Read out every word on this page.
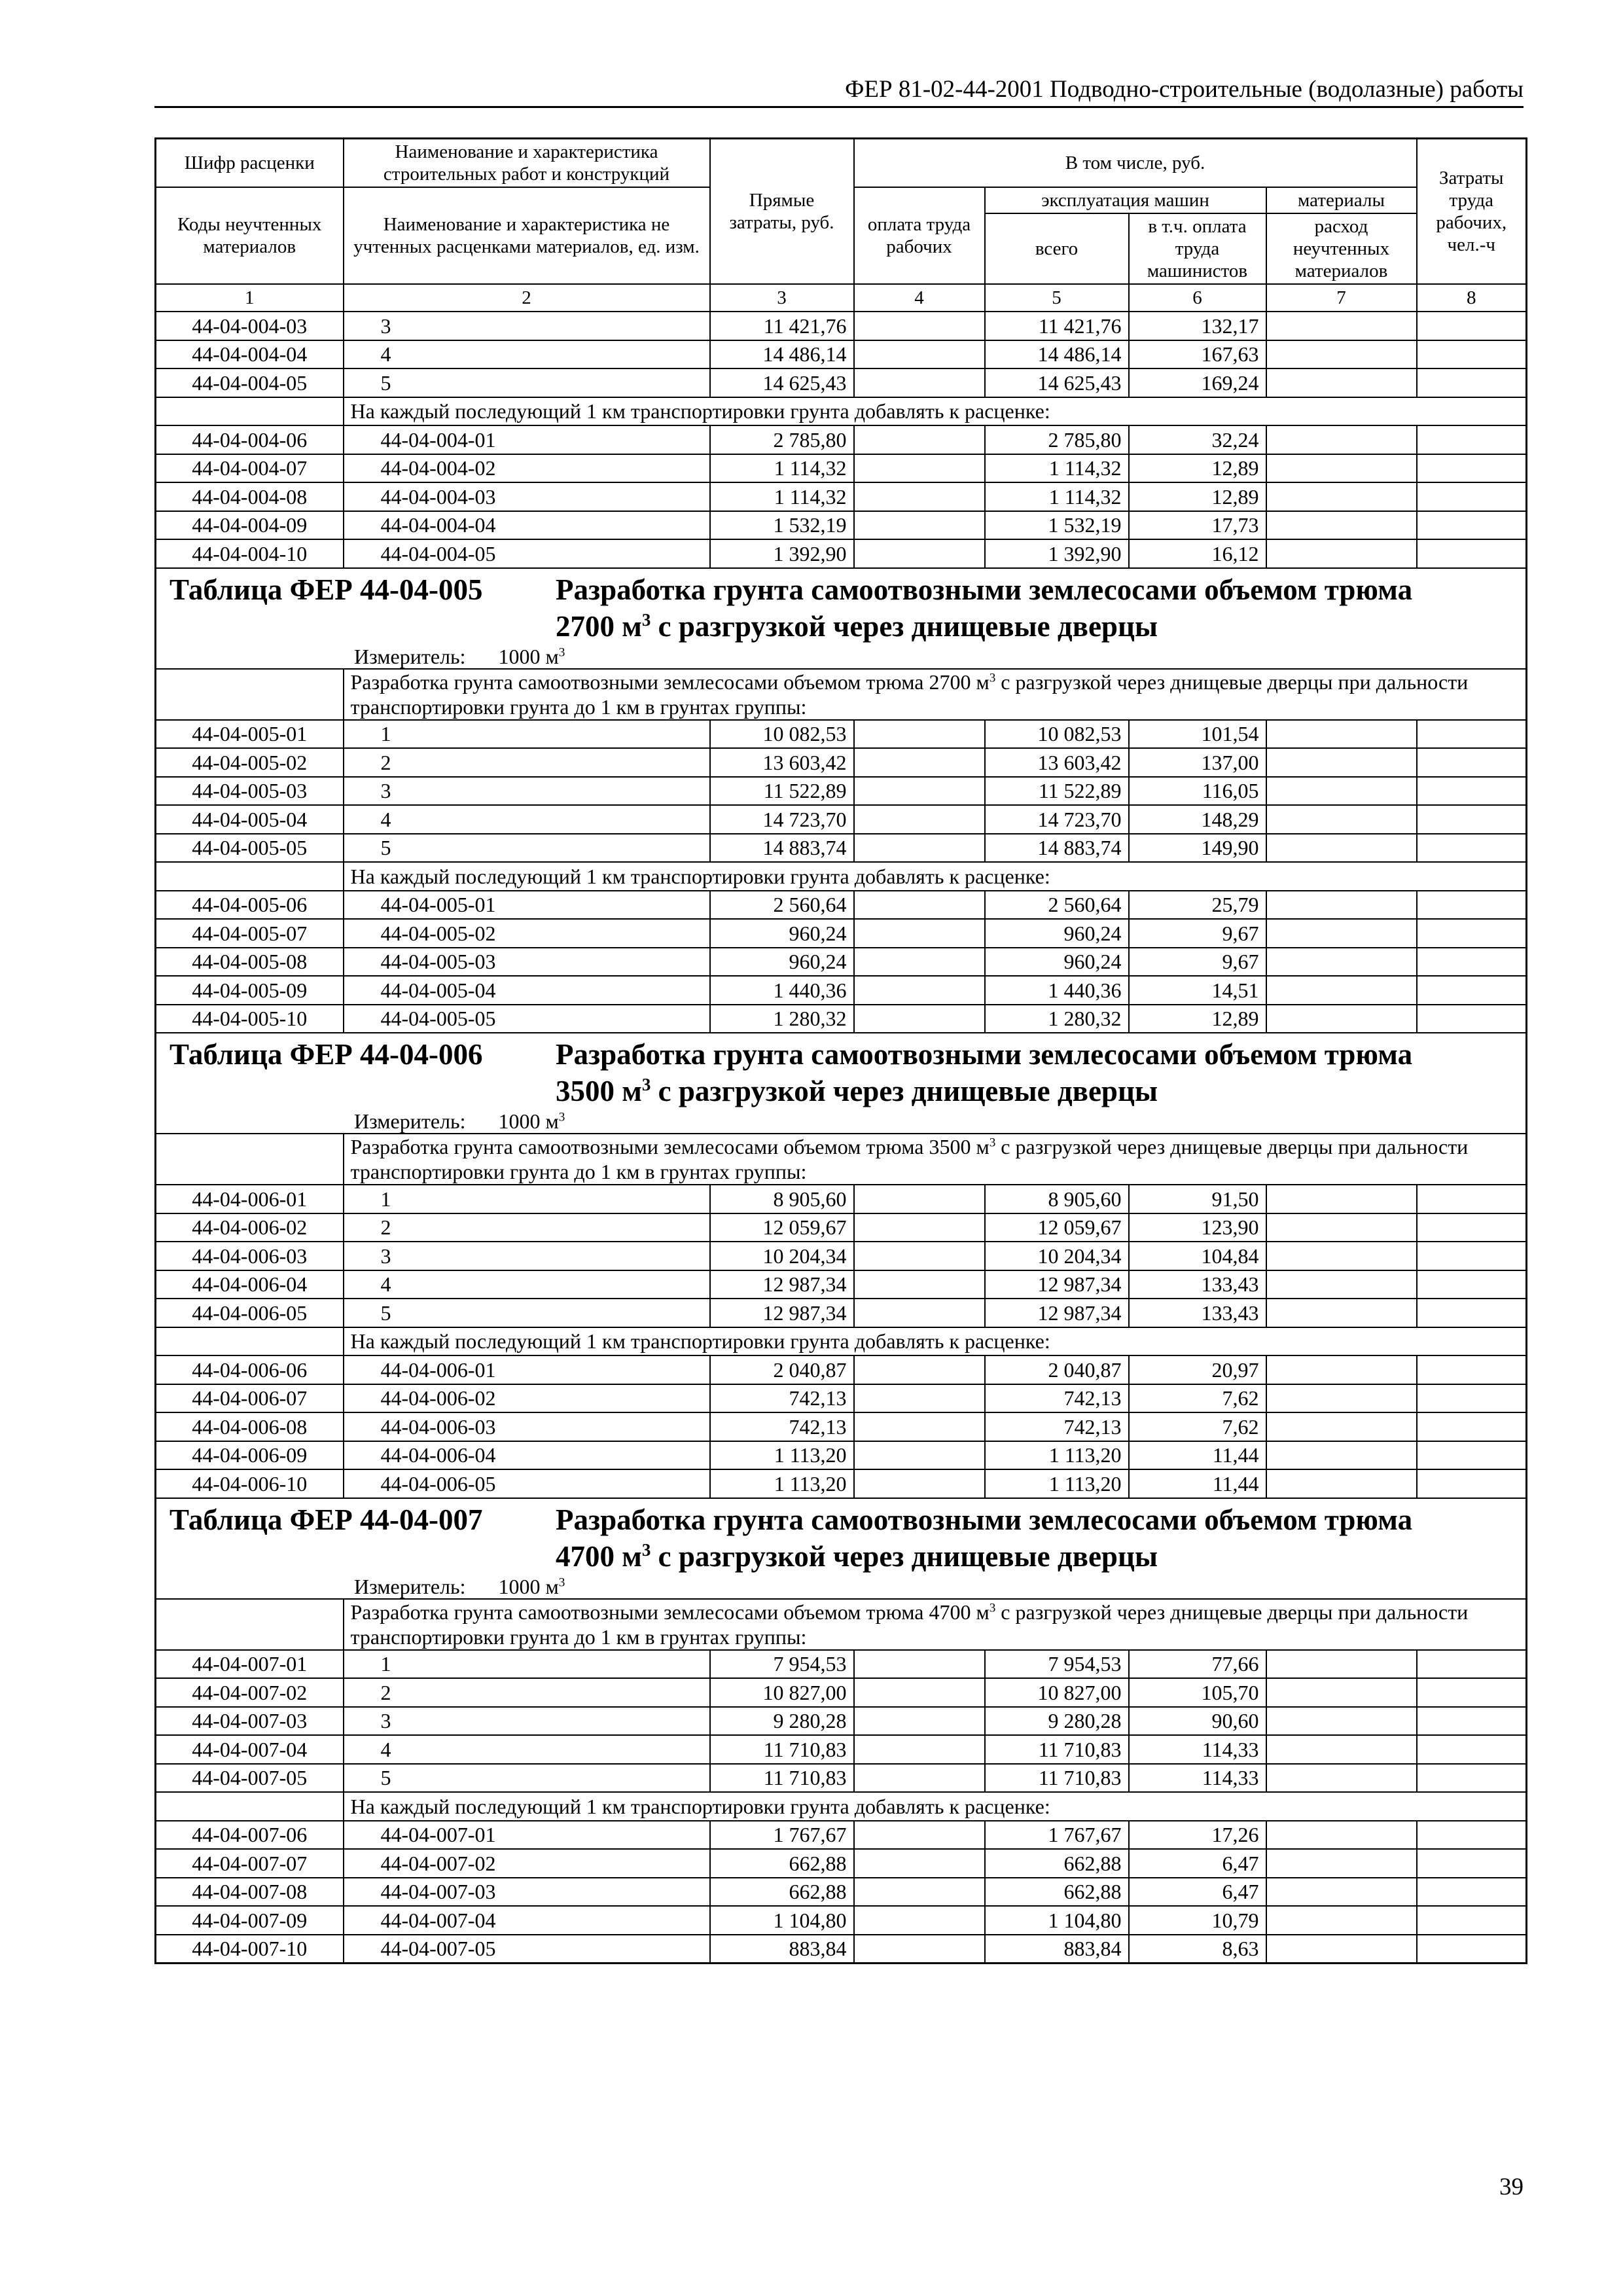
ФЕР 81-02-44-2001 Подводно-строительные (водолазные) работы
Шифр расценки	Наименование и характеристика строительных работ и конструкций	Прямые затраты, руб.	В том числе, руб.				Затраты труда рабочих, чел.-ч
Коды неучтенных материалов	Наименование и характеристика не учтенных расценками материалов, ед. изм.		оплата труда рабочих	эксплуатация машин		материалы	
				всего	в т.ч. оплата труда машинистов	расход неучтенных материалов	
1	2	3	4	5	6	7	8
44-04-004-03	3	11 421,76		11 421,76	132,17		
44-04-004-04	4	14 486,14		14 486,14	167,63		
44-04-004-05	5	14 625,43		14 625,43	169,24		
	На каждый последующий 1 км транспортировки грунта добавлять к расценке:						
44-04-004-06	44-04-004-01	2 785,80		2 785,80	32,24		
44-04-004-07	44-04-004-02	1 114,32		1 114,32	12,89		
44-04-004-08	44-04-004-03	1 114,32		1 114,32	12,89		
44-04-004-09	44-04-004-04	1 532,19		1 532,19	17,73		
44-04-004-10	44-04-004-05	1 392,90		1 392,90	16,12		

Таблица ФЕР 44-04-005 Разработка грунта самоотвозными землесосами объемом трюма
2700 $м^3$ с разгрузкой через днищевые дверцы
Измеритель: 1000 $м^3$

	Разработка грунта самоотвозными землесосами объемом трюма 2700 $м^3$ с разгрузкой через днищевые дверцы при дальности транспортировки грунта до 1 км в грунтах группы:						
44-04-005-01	1	10 082,53		10 082,53	101,54		
44-04-005-02	2	13 603,42		13 603,42	137,00		
44-04-005-03	3	11 522,89		11 522,89	116,05		
44-04-005-04	4	14 723,70		14 723,70	148,29		
44-04-005-05	5	14 883,74		14 883,74	149,90		
	На каждый последующий 1 км транспортировки грунта добавлять к расценке:						
44-04-005-06	44-04-005-01	2 560,64		2 560,64	25,79		
44-04-005-07	44-04-005-02	960,24		960,24	9,67		
44-04-005-08	44-04-005-03	960,24		960,24	9,67		
44-04-005-09	44-04-005-04	1 440,36		1 440,36	14,51		
44-04-005-10	44-04-005-05	1 280,32		1 280,32	12,89		

Таблица ФЕР 44-04-006 Разработка грунта самоотвозными землесосами объемом трюма
3500 $м^3$ с разгрузкой через днищевые дверцы
Измеритель: 1000 $м^3$

	Разработка грунта самоотвозными землесосами объемом трюма 3500 $м^3$ с разгрузкой через днищевые дверцы при дальности транспортировки грунта до 1 км в грунтах группы:						
44-04-006-01	1	8 905,60		8 905,60	91,50		
44-04-006-02	2	12 059,67		12 059,67	123,90		
44-04-006-03	3	10 204,34		10 204,34	104,84		
44-04-006-04	4	12 987,34		12 987,34	133,43		
44-04-006-05	5	12 987,34		12 987,34	133,43		
	На каждый последующий 1 км транспортировки грунта добавлять к расценке:						
44-04-006-06	44-04-006-01	2 040,87		2 040,87	20,97		
44-04-006-07	44-04-006-02	742,13		742,13	7,62		
44-04-006-08	44-04-006-03	742,13		742,13	7,62		
44-04-006-09	44-04-006-04	1 113,20		1 113,20	11,44		
44-04-006-10	44-04-006-05	1 113,20		1 113,20	11,44		

Таблица ФЕР 44-04-007 Разработка грунта самоотвозными землесосами объемом трюма
4700 $м^3$ с разгрузкой через днищевые дверцы
Измеритель: 1000 $м^3$

	Разработка грунта самоотвозными землесосами объемом трюма 4700 $м^3$ с разгрузкой через днищевые дверцы при дальности транспортировки грунта до 1 км в грунтах группы:						
44-04-007-01	1	7 954,53		7 954,53	77,66		
44-04-007-02	2	10 827,00		10 827,00	105,70		
44-04-007-03	3	9 280,28		9 280,28	90,60		
44-04-007-04	4	11 710,83		11 710,83	114,33		
44-04-007-05	5	11 710,83		11 710,83	114,33		
	На каждый последующий 1 км транспортировки грунта добавлять к расценке:						
44-04-007-06	44-04-007-01	1 767,67		1 767,67	17,26		
44-04-007-07	44-04-007-02	662,88		662,88	6,47		
44-04-007-08	44-04-007-03	662,88		662,88	6,47		
44-04-007-09	44-04-007-04	1 104,80		1 104,80	10,79		
44-04-007-10	44-04-007-05	883,84		883,84	8,63		
39
